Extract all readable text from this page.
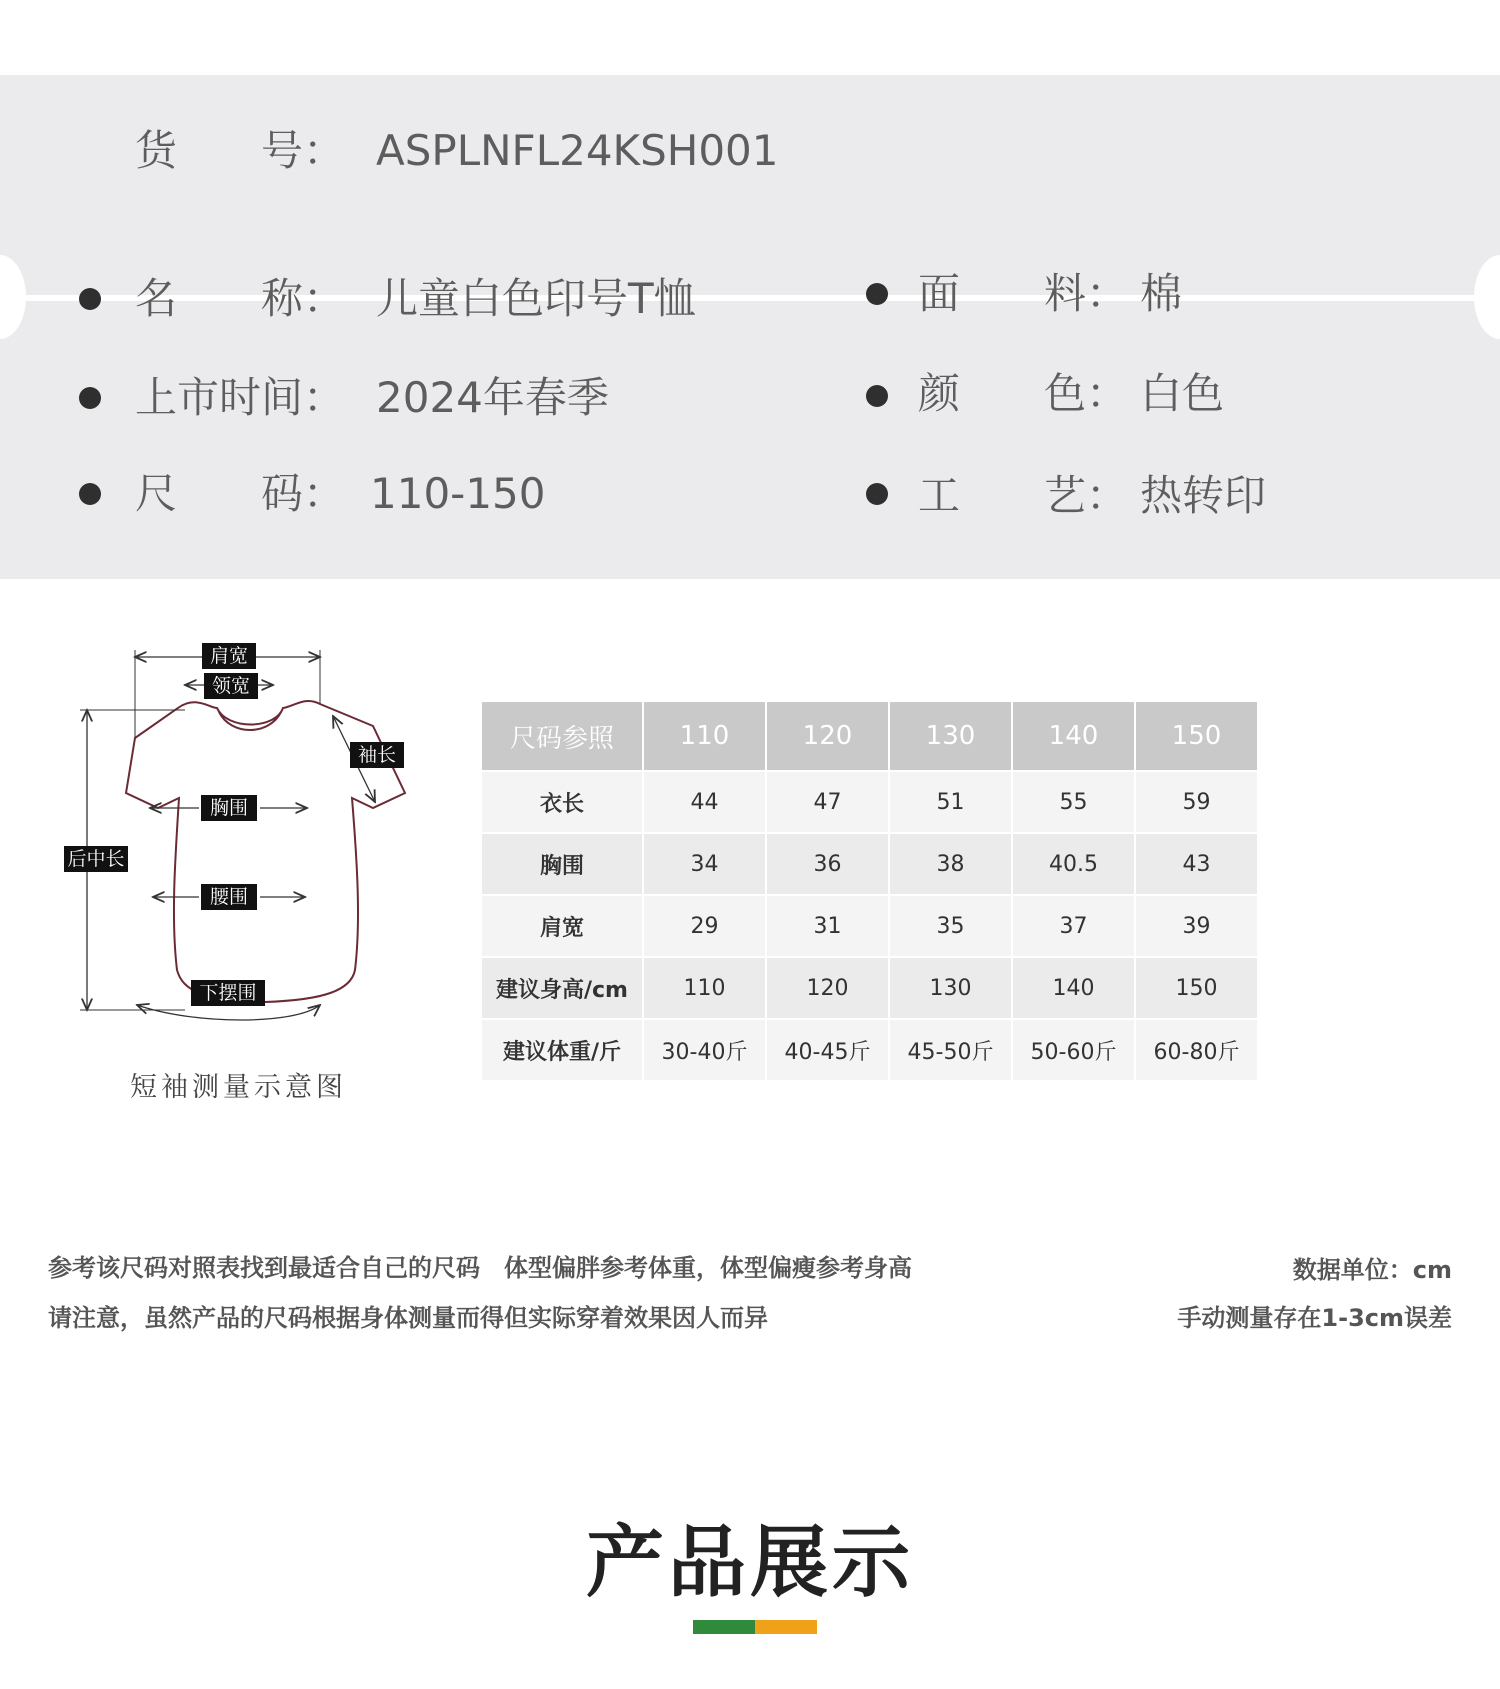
货　　号： ASPLNFL24KSH001
名　　称： 儿童白色印号T恤	面　　料： 棉
上市时间： 2024年春季	颜　　色： 白色
尺　　码： 110-150	工　　艺： 热转印
肩宽
领宽
袖长
胸围
后中长
腰围
下摆围
短袖测量示意图
尺码参照	110	120	130	140	150
衣长	44	47	51	55	59
胸围	34	36	38	40.5	43
肩宽	29	31	35	37	39
建议身高/cm	110	120	130	140	150
建议体重/斤	30-40斤	40-45斤	45-50斤	50-60斤	60-80斤
参考该尺码对照表找到最适合自己的尺码　体型偏胖参考体重，体型偏瘦参考身高
请注意，虽然产品的尺码根据身体测量而得但实际穿着效果因人而异
数据单位：cm
手动测量存在1-3cm误差
产品展示
